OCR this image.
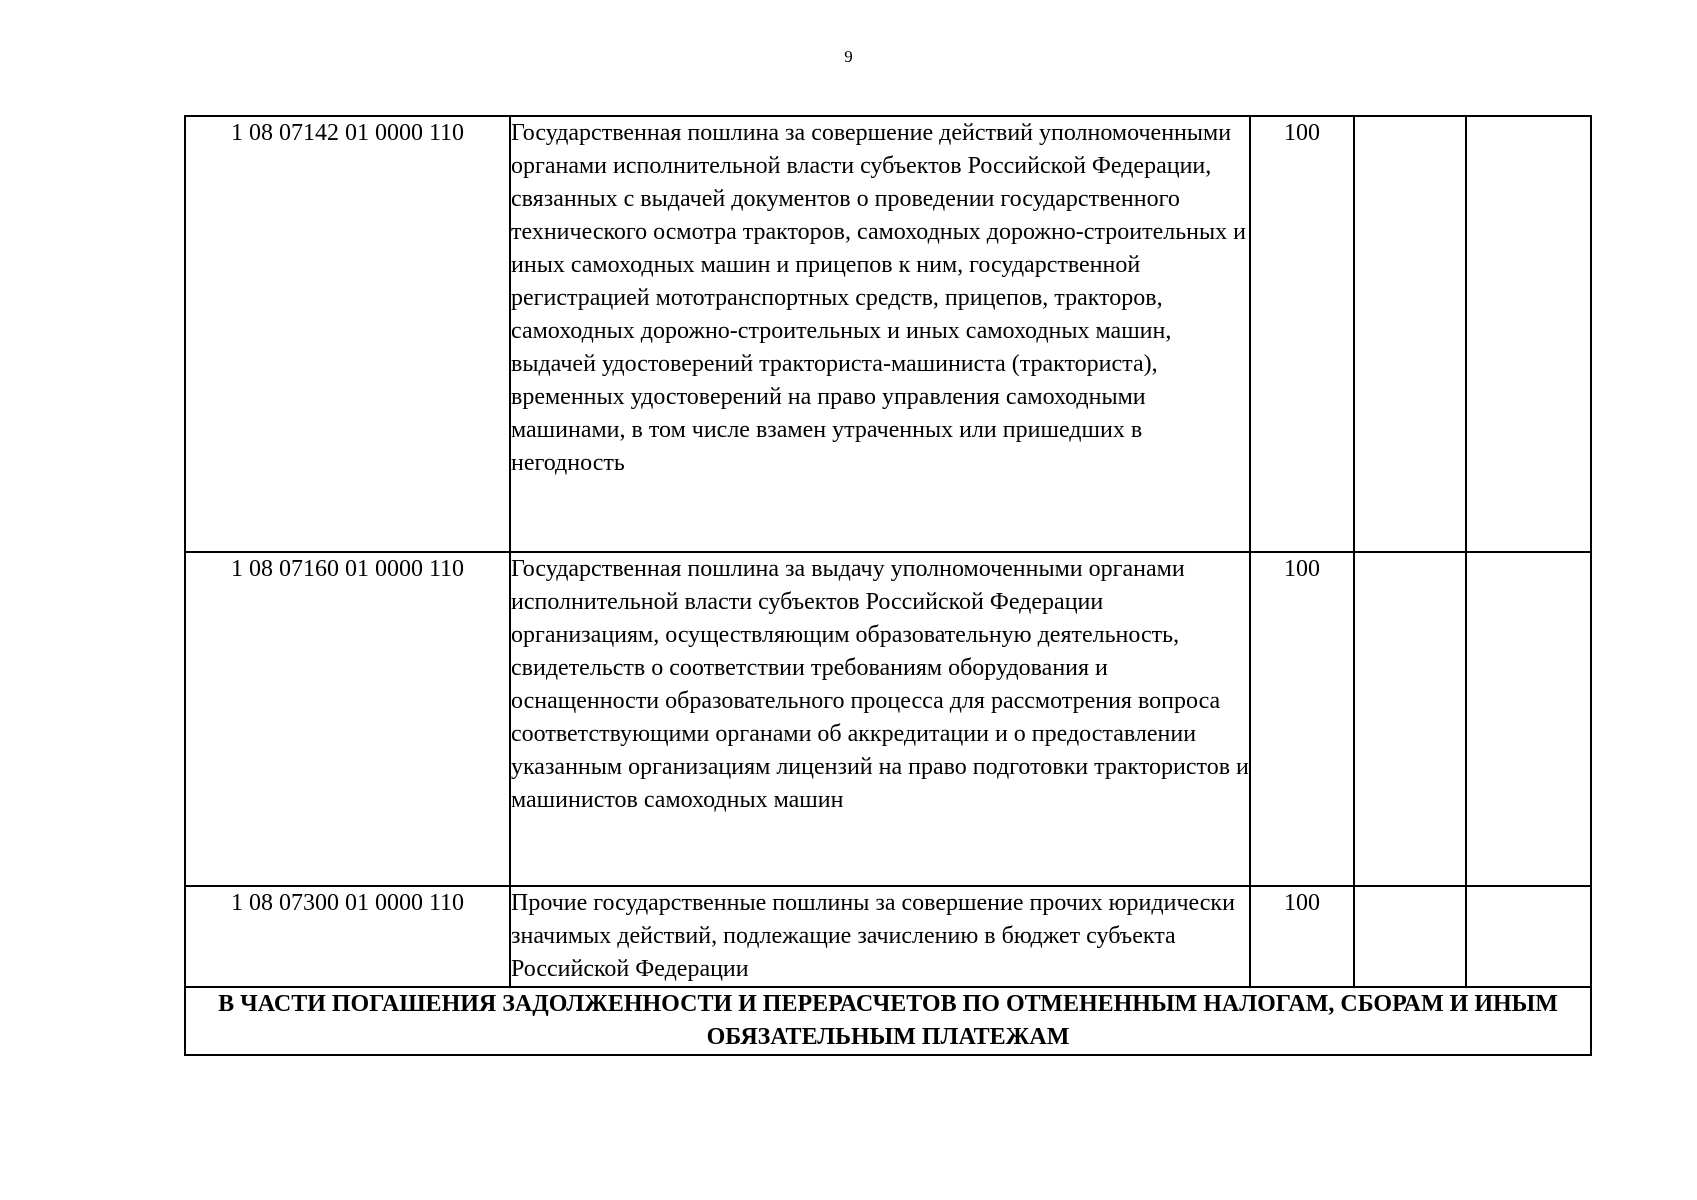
9
1 08 07142 01 0000 110	Государственная пошлина за совершение действий уполномоченными органами исполнительной власти субъектов Российской Федерации, связанных с выдачей документов о проведении государственного технического осмотра тракторов, самоходных дорожно-строительных и иных самоходных машин и прицепов к ним, государственной регистрацией мототранспортных средств, прицепов, тракторов, самоходных дорожно-строительных и иных самоходных машин, выдачей удостоверений тракториста-машиниста (тракториста), временных удостоверений на право управления самоходными машинами, в том числе взамен утраченных или пришедших в негодность	100		
1 08 07160 01 0000 110	Государственная пошлина за выдачу уполномоченными органами исполнительной власти субъектов Российской Федерации организациям, осуществляющим образовательную деятельность, свидетельств о соответствии требованиям оборудования и оснащенности образовательного процесса для рассмотрения вопроса соответствующими органами об аккредитации и о предоставлении указанным организациям лицензий на право подготовки трактористов и машинистов самоходных машин	100		
1 08 07300 01 0000 110	Прочие государственные пошлины за совершение прочих юридически значимых действий, подлежащие зачислению в бюджет субъекта Российской Федерации	100		
В ЧАСТИ ПОГАШЕНИЯ ЗАДОЛЖЕННОСТИ И ПЕРЕРАСЧЕТОВ ПО ОТМЕНЕННЫМ НАЛОГАМ, СБОРАМ И ИНЫМ ОБЯЗАТЕЛЬНЫМ ПЛАТЕЖАМ				
